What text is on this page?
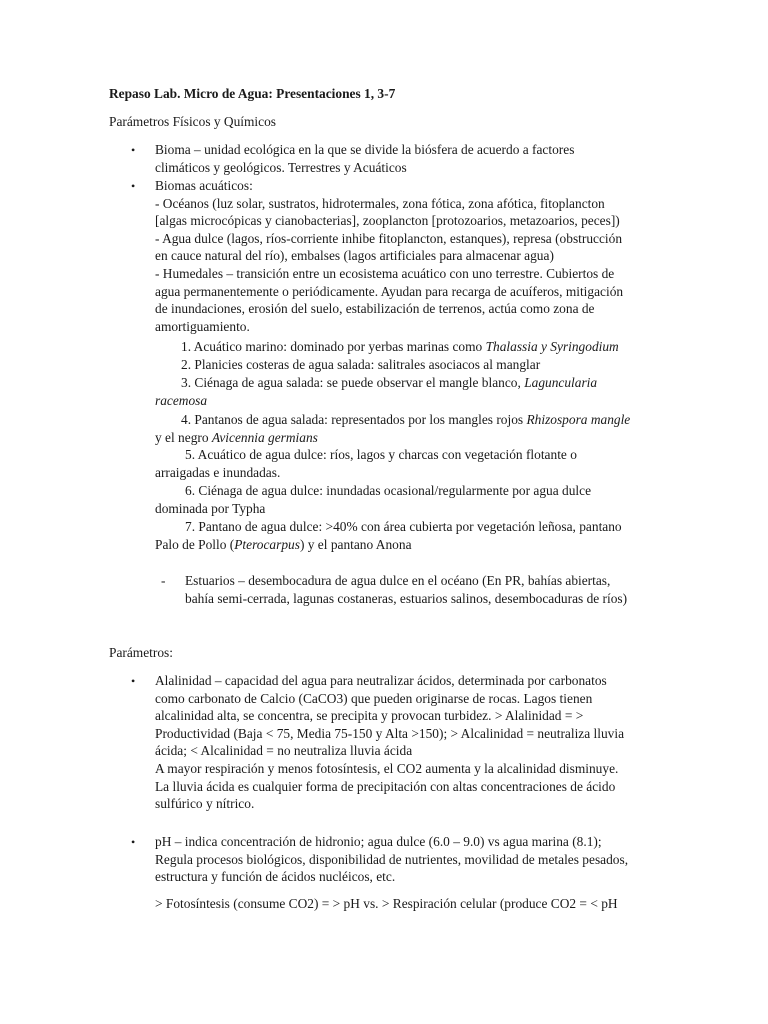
Repaso Lab. Micro de Agua: Presentaciones 1, 3-7
Parámetros Físicos y Químicos
• Bioma – unidad ecológica en la que se divide la biósfera de acuerdo a factores
climáticos y geológicos. Terrestres y Acuáticos
• Biomas acuáticos:
- Océanos (luz solar, sustratos, hidrotermales, zona fótica, zona afótica, fitoplancton
[algas microcópicas y cianobacterias], zooplancton [protozoarios, metazoarios, peces])
- Agua dulce (lagos, ríos-corriente inhibe fitoplancton, estanques), represa (obstrucción
en cauce natural del río), embalses (lagos artificiales para almacenar agua)
- Humedales – transición entre un ecosistema acuático con uno terrestre. Cubiertos de
agua permanentemente o periódicamente. Ayudan para recarga de acuíferos, mitigación
de inundaciones, erosión del suelo, estabilización de terrenos, actúa como zona de
amortiguamiento.
1. Acuático marino: dominado por yerbas marinas como Thalassia y Syringodium
2. Planicies costeras de agua salada: salitrales asociacos al manglar
3. Ciénaga de agua salada: se puede observar el mangle blanco, Laguncularia
racemosa
4. Pantanos de agua salada: representados por los mangles rojos Rhizospora mangle
y el negro Avicennia germians
5. Acuático de agua dulce: ríos, lagos y charcas con vegetación flotante o
arraigadas e inundadas.
6. Ciénaga de agua dulce: inundadas ocasional/regularmente por agua dulce
dominada por Typha
7. Pantano de agua dulce: >40% con área cubierta por vegetación leñosa, pantano
Palo de Pollo (Pterocarpus) y el pantano Anona
- Estuarios – desembocadura de agua dulce en el océano (En PR, bahías abiertas,
bahía semi-cerrada, lagunas costaneras, estuarios salinos, desembocaduras de ríos)
Parámetros:
• Alalinidad – capacidad del agua para neutralizar ácidos, determinada por carbonatos
como carbonato de Calcio (CaCO3) que pueden originarse de rocas. Lagos tienen
alcalinidad alta, se concentra, se precipita y provocan turbidez. > Alalinidad = >
Productividad (Baja < 75, Media 75-150 y Alta >150); > Alcalinidad = neutraliza lluvia
ácida; < Alcalinidad = no neutraliza lluvia ácida
A mayor respiración y menos fotosíntesis, el CO2 aumenta y la alcalinidad disminuye.
La lluvia ácida es cualquier forma de precipitación con altas concentraciones de ácido
sulfúrico y nítrico.
• pH – indica concentración de hidronio; agua dulce (6.0 – 9.0) vs agua marina (8.1);
Regula procesos biológicos, disponibilidad de nutrientes, movilidad de metales pesados,
estructura y función de ácidos nucléicos, etc.
> Fotosíntesis (consume CO2) = > pH vs. > Respiración celular (produce CO2 = < pH
